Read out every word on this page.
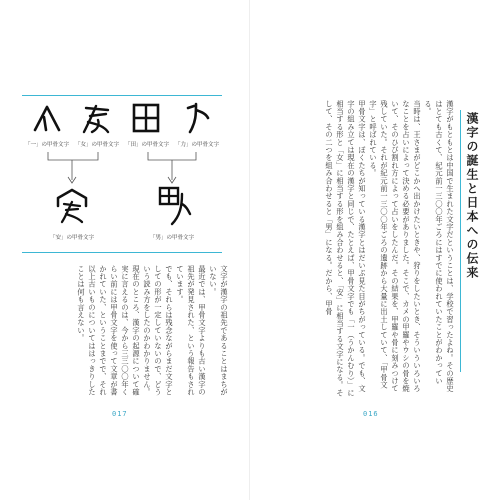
「一」の甲骨文字	「女」の甲骨文字	「田」の甲骨文字	「力」の甲骨文字
「安」の甲骨文字	「男」の甲骨文字
文字が漢字の祖先であることはまちがいない。
最近では、甲骨文字よりも古い漢字の祖先が発見された、という報告もされています。
でも、それらは残念ながらまだ文字としての形が一定していないので、どういう読み方をしたのかわかりません。現在のところ、漢字の起源について確実に言えるのは、今から三三〇〇年くらい前には甲骨文字を使って文章が書かれていた、ということまでで、それ以上古いものについてははっきりしたことは何も言えない。
017
漢字がもともとは中国で生まれた文字だということは、学校で習ったよね。その歴史はとても古くて、紀元前一三〇〇年ごろにはすでに使われていたことがわかっている。
当時は、王さまがどこかへ出かけたいときや、狩りをしたいとき、そういういろいろなことを占いによって決める必要がありました。そこで、カメの甲羅やウシの骨を焼いて、そのひび割れ方によって占いをしたんだ。その結果を、甲羅や骨に刻みつけて残していた。それが紀元前一三〇〇年ごろの遺跡から大量に出土していて、「甲骨文字」と呼ばれている。
甲骨文字は、ぼくたちが知っている漢字とはだいぶ見た目がちがっている。でも、文字の組み立ては現在の漢字と同じで、たとえば、甲骨文字でも「一（うかんむり）」に相当する形と「女」に相当する形を組み合わせると、「安」に相当する文字になる。そして、その二つを組み合わせると「男」になる。だから、甲骨	漢字の誕生と日本への伝来
016
